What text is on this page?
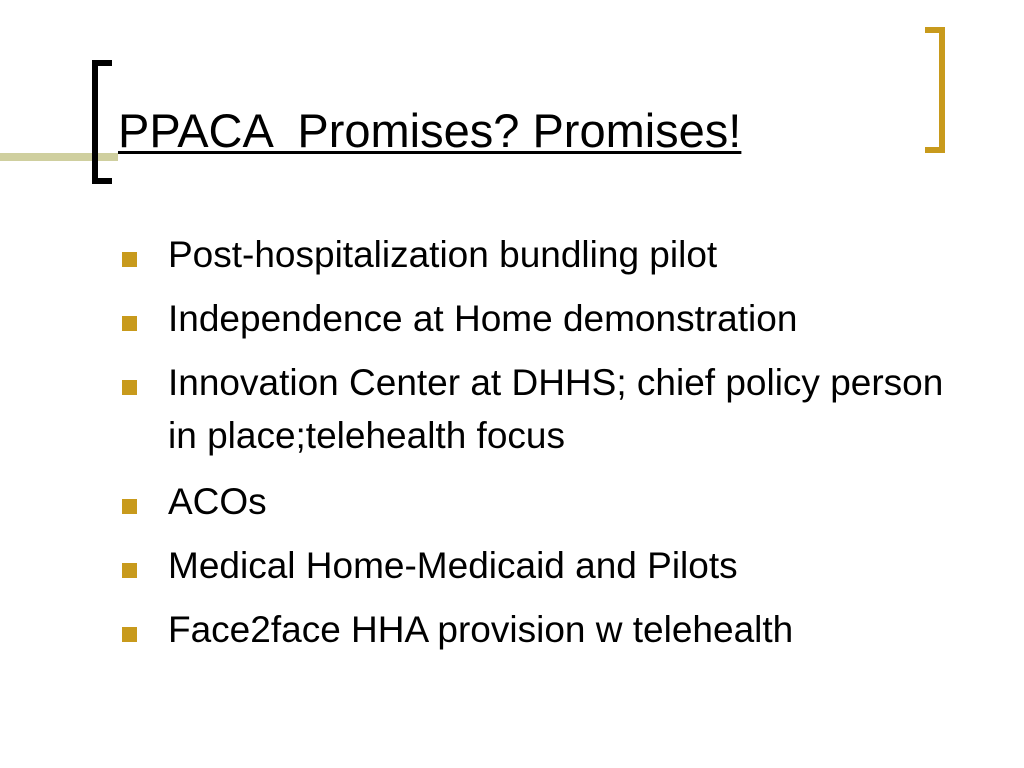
PPACA  Promises? Promises!
Post-hospitalization bundling pilot
Independence at Home demonstration
Innovation Center at DHHS; chief policy person in place;telehealth focus
ACOs
Medical Home-Medicaid and Pilots
Face2face HHA provision w telehealth
